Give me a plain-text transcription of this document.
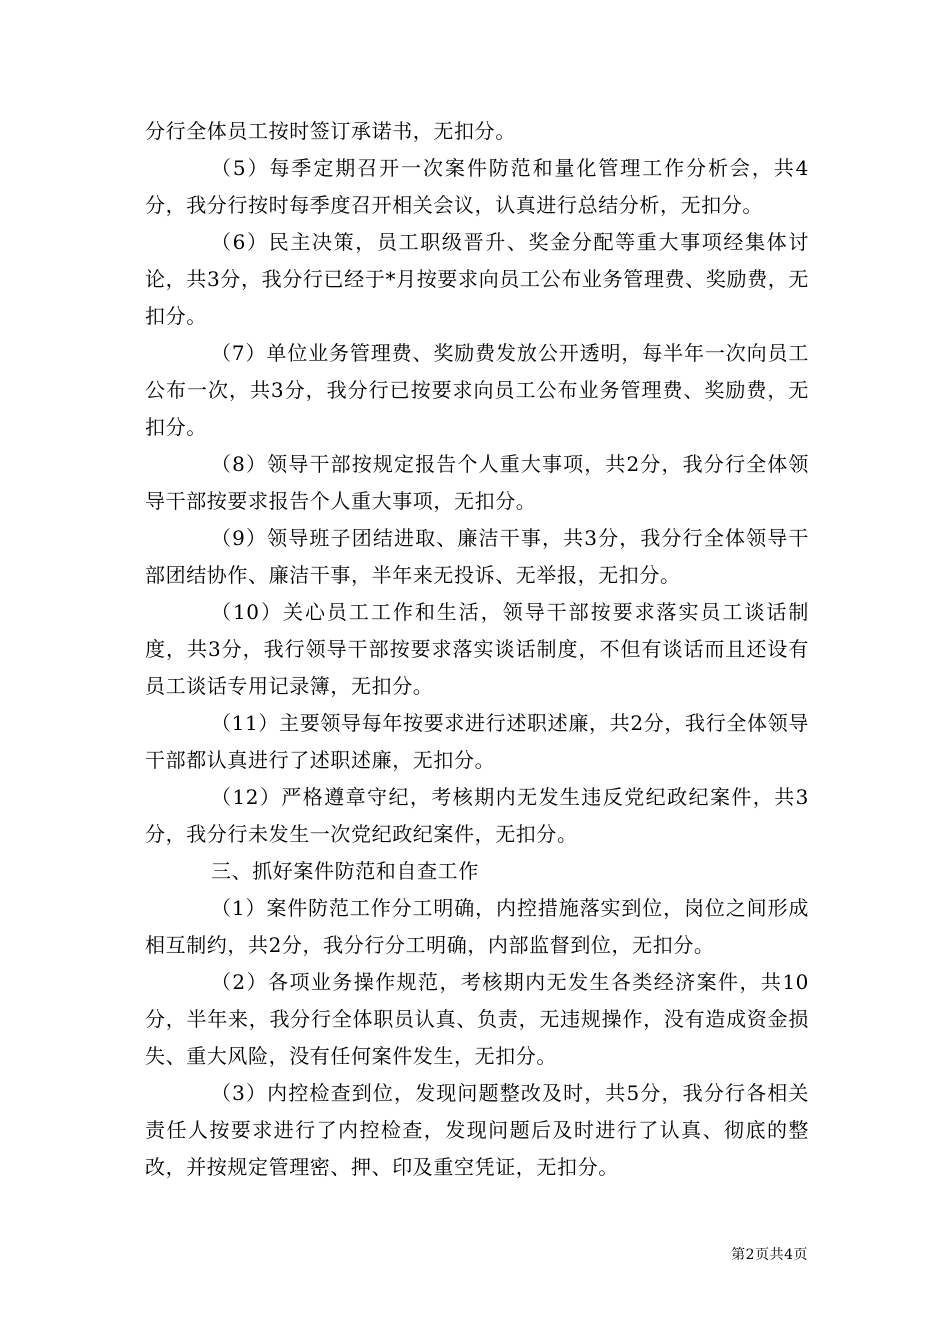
分行全体员工按时签订承诺书，无扣分。

（5）每季定期召开一次案件防范和量化管理工作分析会，共4分，我分行按时每季度召开相关会议，认真进行总结分析，无扣分。

（6）民主决策，员工职级晋升、奖金分配等重大事项经集体讨论，共3分，我分行已经于*月按要求向员工公布业务管理费、奖励费，无扣分。

（7）单位业务管理费、奖励费发放公开透明，每半年一次向员工公布一次，共3分，我分行已按要求向员工公布业务管理费、奖励费，无扣分。

（8）领导干部按规定报告个人重大事项，共2分，我分行全体领导干部按要求报告个人重大事项，无扣分。

（9）领导班子团结进取、廉洁干事，共3分，我分行全体领导干部团结协作、廉洁干事，半年来无投诉、无举报，无扣分。

（10）关心员工工作和生活，领导干部按要求落实员工谈话制度，共3分，我行领导干部按要求落实谈话制度，不但有谈话而且还设有员工谈话专用记录簿，无扣分。

（11）主要领导每年按要求进行述职述廉，共2分，我行全体领导干部都认真进行了述职述廉，无扣分。

（12）严格遵章守纪，考核期内无发生违反党纪政纪案件，共3分，我分行未发生一次党纪政纪案件，无扣分。

三、抓好案件防范和自查工作

（1）案件防范工作分工明确，内控措施落实到位，岗位之间形成相互制约，共2分，我分行分工明确，内部监督到位，无扣分。

（2）各项业务操作规范，考核期内无发生各类经济案件，共10分，半年来，我分行全体职员认真、负责，无违规操作，没有造成资金损失、重大风险，没有任何案件发生，无扣分。

（3）内控检查到位，发现问题整改及时，共5分，我分行各相关责任人按要求进行了内控检查，发现问题后及时进行了认真、彻底的整改，并按规定管理密、押、印及重空凭证，无扣分。

第2页共4页
